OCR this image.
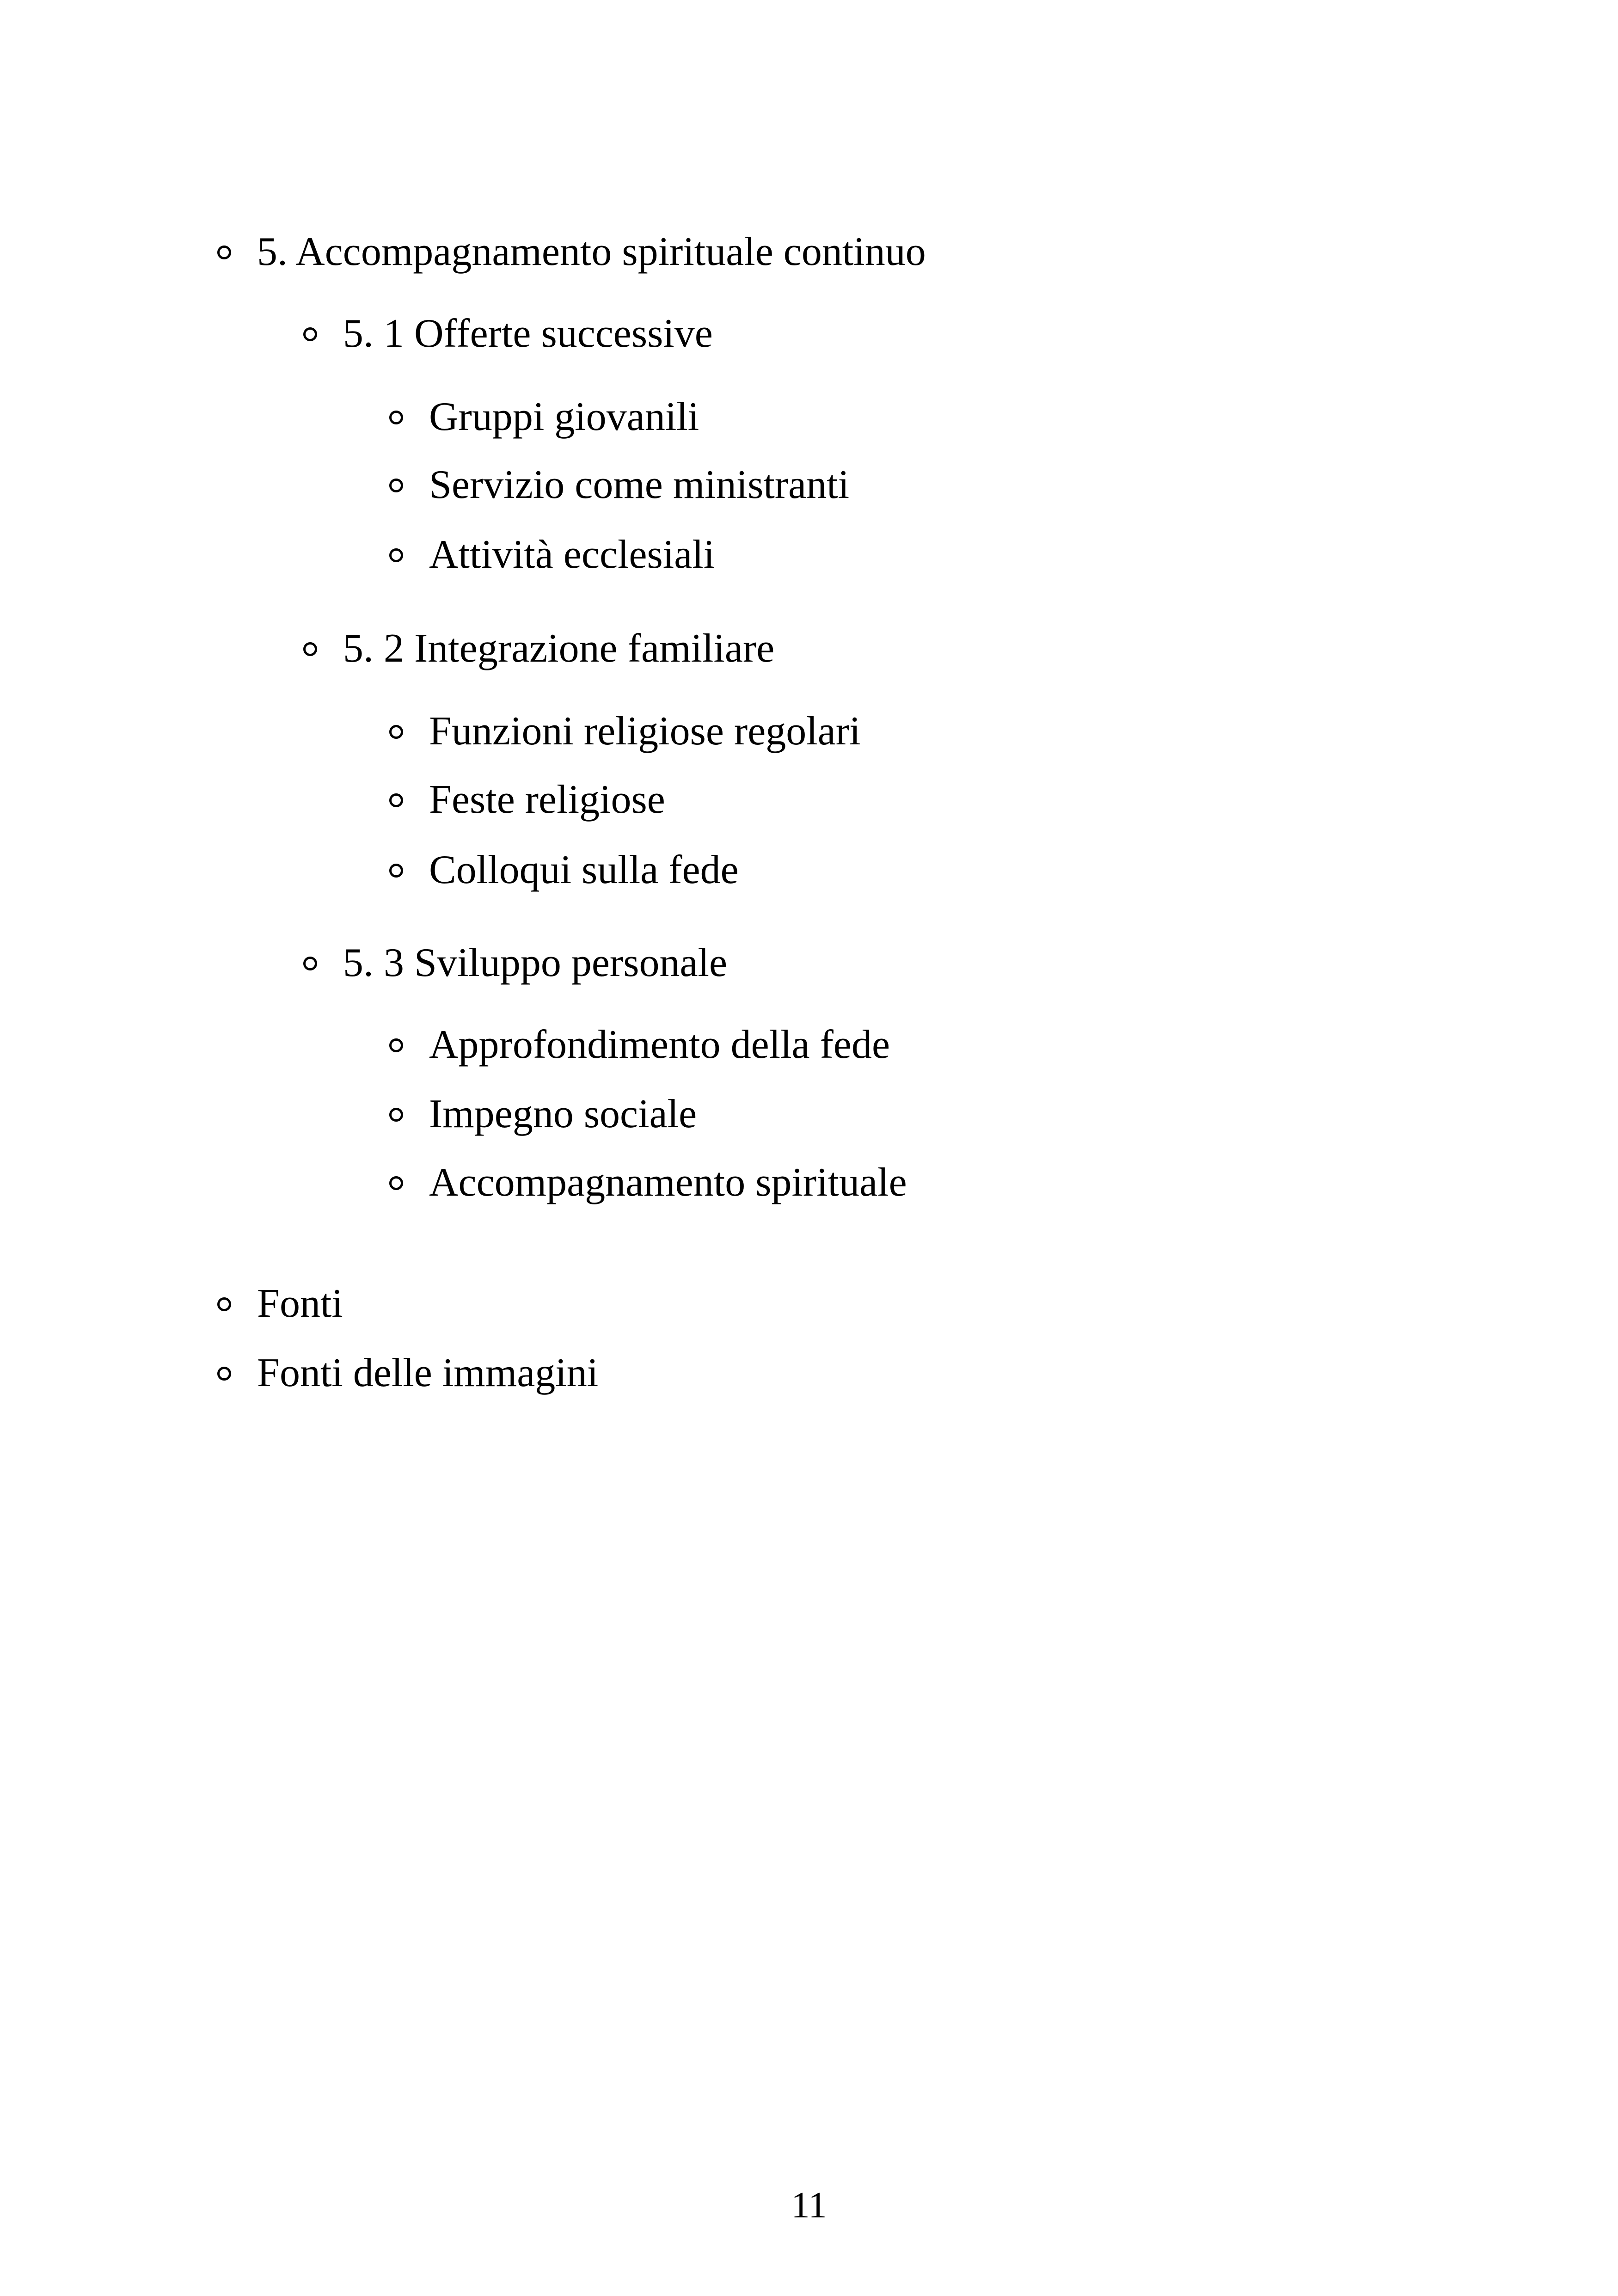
5. Accompagnamento spirituale continuo
5. 1 Offerte successive
Gruppi giovanili
Servizio come ministranti
Attività ecclesiali
5. 2 Integrazione familiare
Funzioni religiose regolari
Feste religiose
Colloqui sulla fede
5. 3 Sviluppo personale
Approfondimento della fede
Impegno sociale
Accompagnamento spirituale
Fonti
Fonti delle immagini
11
